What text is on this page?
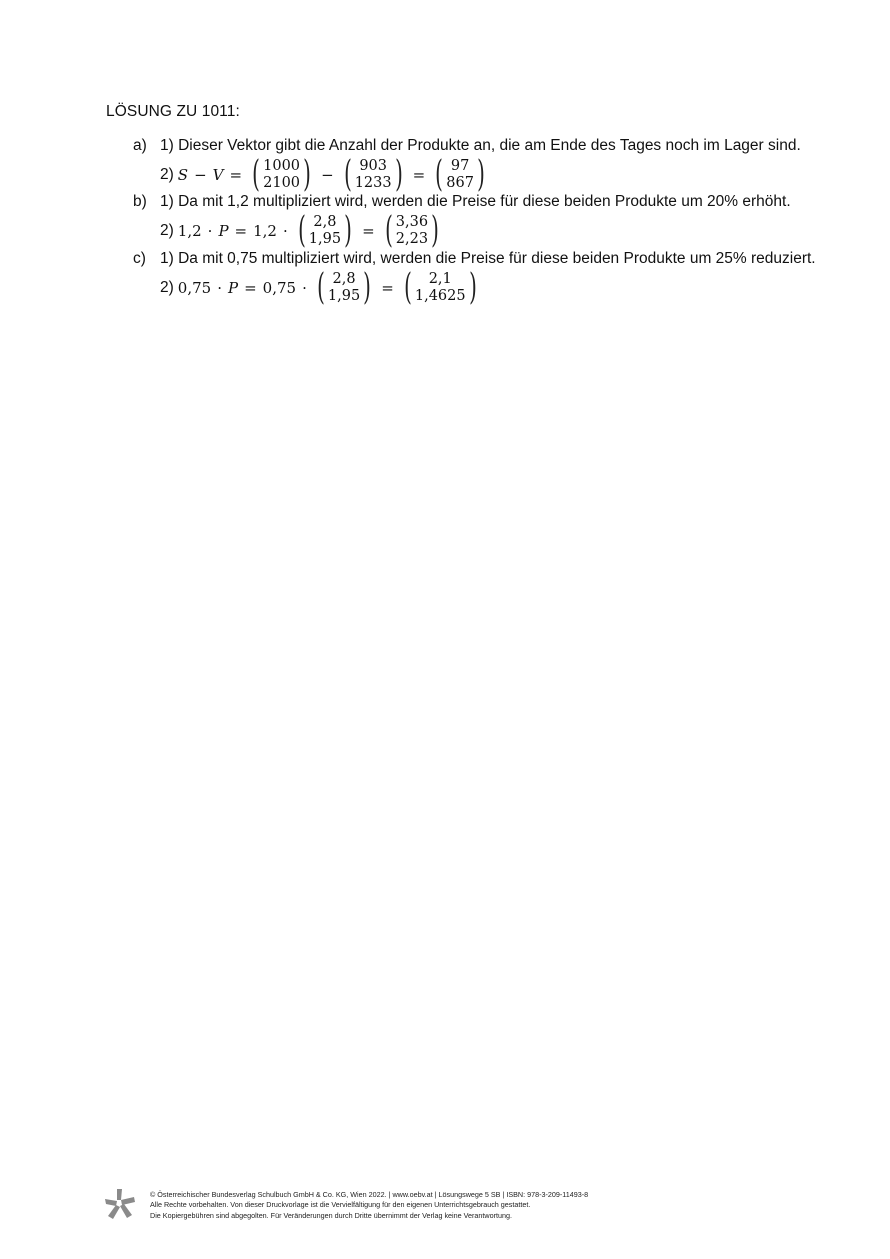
LÖSUNG ZU 1011:
a) 1) Dieser Vektor gibt die Anzahl der Produkte an, die am Ende des Tages noch im Lager sind.
2) S − V = ( 1000
2100 ) − ( 903
1233 ) = ( 97
867 )
b) 1) Da mit 1,2 multipliziert wird, werden die Preise für diese beiden Produkte um 20% erhöht.
2) 1,2 · P = 1,2 · ( 2,8
1,95 ) = ( 3,36
2,23 )
c) 1) Da mit 0,75 multipliziert wird, werden die Preise für diese beiden Produkte um 25% reduziert.
2) 0,75 · P = 0,75 · ( 2,8
1,95 ) = ( 2,1
1,4625 )
© Österreichischer Bundesverlag Schulbuch GmbH & Co. KG, Wien 2022. | www.oebv.at | Lösungswege 5 SB | ISBN: 978-3-209-11493-8
Alle Rechte vorbehalten. Von dieser Druckvorlage ist die Vervielfältigung für den eigenen Unterrichtsgebrauch gestattet.
Die Kopiergebühren sind abgegolten. Für Veränderungen durch Dritte übernimmt der Verlag keine Verantwortung.
